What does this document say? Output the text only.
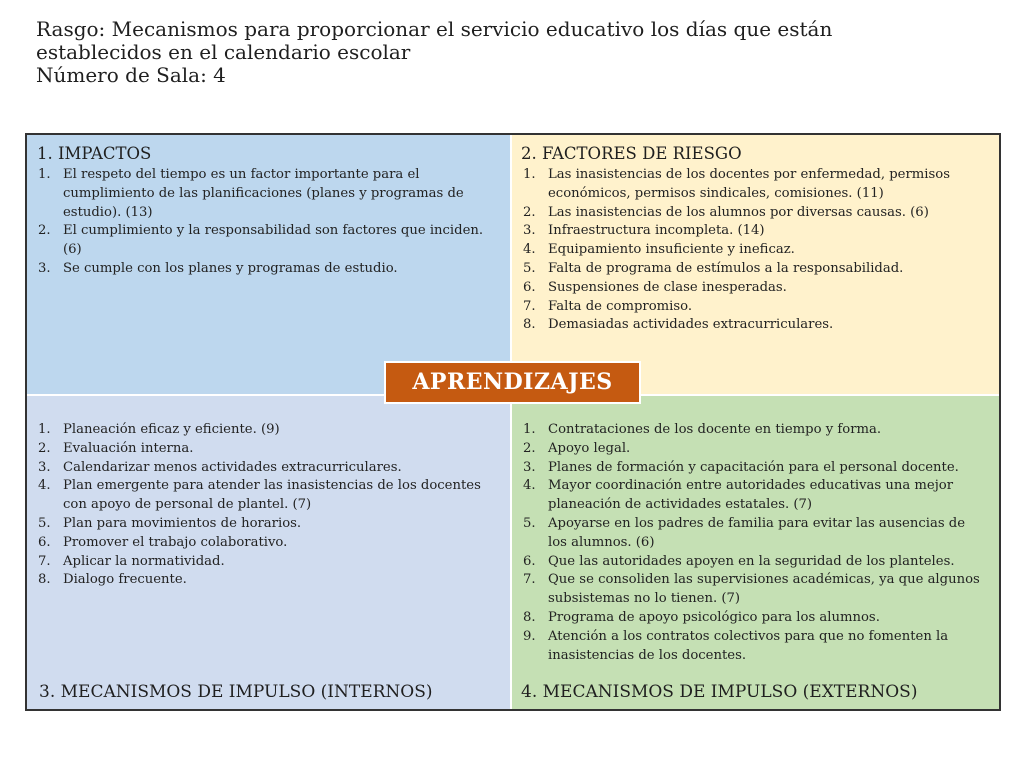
Rasgo: Mecanismos para proporcionar el servicio educativo los días que están
establecidos en el calendario escolar
Número de Sala: 4
1. IMPACTOS
1. El respeto del tiempo es un factor importante para el cumplimiento de las planificaciones (planes y programas de estudio). (13)
2. El cumplimiento y la responsabilidad son factores que inciden. (6)
3. Se cumple con los planes y programas de estudio.
2. FACTORES DE RIESGO
1. Las inasistencias de los docentes por enfermedad, permisos económicos, permisos sindicales, comisiones. (11)
2. Las inasistencias de los alumnos por diversas causas. (6)
3. Infraestructura incompleta. (14)
4. Equipamiento insuficiente y ineficaz.
5. Falta de programa de estímulos a la responsabilidad.
6. Suspensiones de clase inesperadas.
7. Falta de compromiso.
8. Demasiadas actividades extracurriculares.
1. Planeación eficaz y eficiente. (9)
2. Evaluación interna.
3. Calendarizar menos actividades extracurriculares.
4. Plan emergente para atender las inasistencias de los docentes con apoyo de personal de plantel. (7)
5. Plan para movimientos de horarios.
6. Promover el trabajo colaborativo.
7. Aplicar la normatividad.
8. Dialogo frecuente.
3. MECANISMOS DE IMPULSO (INTERNOS)
1. Contrataciones de los docente en tiempo y forma.
2. Apoyo legal.
3. Planes de formación y capacitación para el personal docente.
4. Mayor coordinación entre autoridades educativas una mejor planeación de actividades estatales. (7)
5. Apoyarse en los padres de familia para evitar las ausencias de los alumnos. (6)
6. Que las autoridades apoyen en la seguridad de los planteles.
7. Que se consoliden las supervisiones académicas, ya que algunos subsistemas no lo tienen. (7)
8. Programa de apoyo psicológico para los alumnos.
9. Atención a los contratos colectivos para que no fomenten la inasistencias de los docentes.
4. MECANISMOS DE IMPULSO (EXTERNOS)
APRENDIZAJES
